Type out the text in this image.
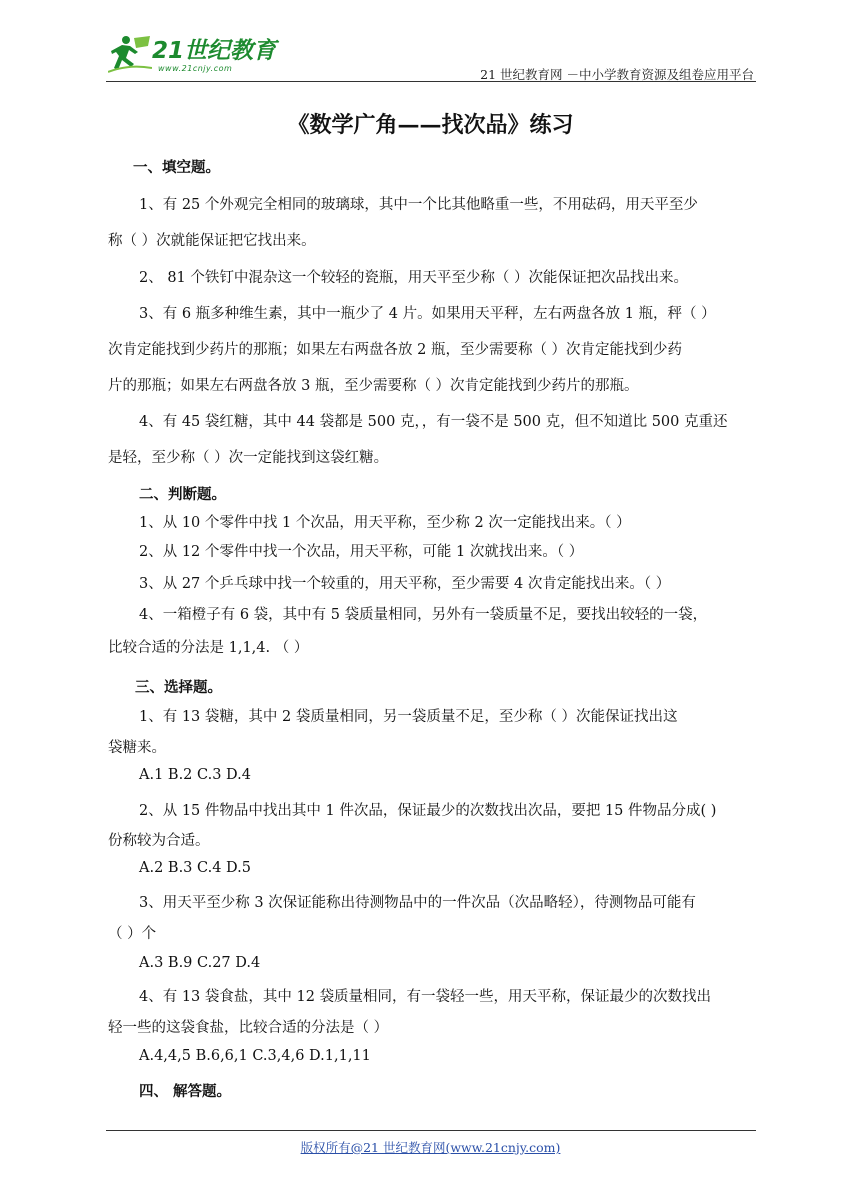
21世纪教育
www.21cnjy.com	21 世纪教育网 －中小学教育资源及组卷应用平台
《数学广角——找次品》练习
一、填空题。
1、有 25 个外观完全相同的玻璃球，其中一个比其他略重一些，不用砝码，用天平至少
称（ ）次就能保证把它找出来。
2、 81 个铁钉中混杂这一个较轻的瓷瓶，用天平至少称（ ）次能保证把次品找出来。
3、有 6 瓶多种维生素，其中一瓶少了 4 片。如果用天平秤，左右两盘各放 1 瓶，秤（ ）
次肯定能找到少药片的那瓶；如果左右两盘各放 2 瓶，至少需要称（ ）次肯定能找到少药
片的那瓶；如果左右两盘各放 3 瓶，至少需要称（ ）次肯定能找到少药片的那瓶。
4、有 45 袋红糖，其中 44 袋都是 500 克，，有一袋不是 500 克，但不知道比 500 克重还
是轻，至少称（ ）次一定能找到这袋红糖。
二、判断题。
1、从 10 个零件中找 1 个次品，用天平称，至少称 2 次一定能找出来。（ ）
2、从 12 个零件中找一个次品，用天平称，可能 1 次就找出来。（ ）
3、从 27 个乒乓球中找一个较重的，用天平称，至少需要 4 次肯定能找出来。（ ）
4、一箱橙子有 6 袋，其中有 5 袋质量相同，另外有一袋质量不足，要找出较轻的一袋，
比较合适的分法是 1,1,4. （ ）
三、选择题。
1、有 13 袋糖，其中 2 袋质量相同，另一袋质量不足，至少称（ ）次能保证找出这
袋糖来。
A.1 B.2 C.3 D.4
2、从 15 件物品中找出其中 1 件次品，保证最少的次数找出次品，要把 15 件物品分成( )
份称较为合适。
A.2 B.3 C.4 D.5
3、用天平至少称 3 次保证能称出待测物品中的一件次品（次品略轻），待测物品可能有
（ ）个
A.3 B.9 C.27 D.4
4、有 13 袋食盐，其中 12 袋质量相同，有一袋轻一些，用天平称，保证最少的次数找出
轻一些的这袋食盐，比较合适的分法是（ ）
A.4,4,5 B.6,6,1 C.3,4,6 D.1,1,11
四、 解答题。
版权所有@21 世纪教育网(www.21cnjy.com)
